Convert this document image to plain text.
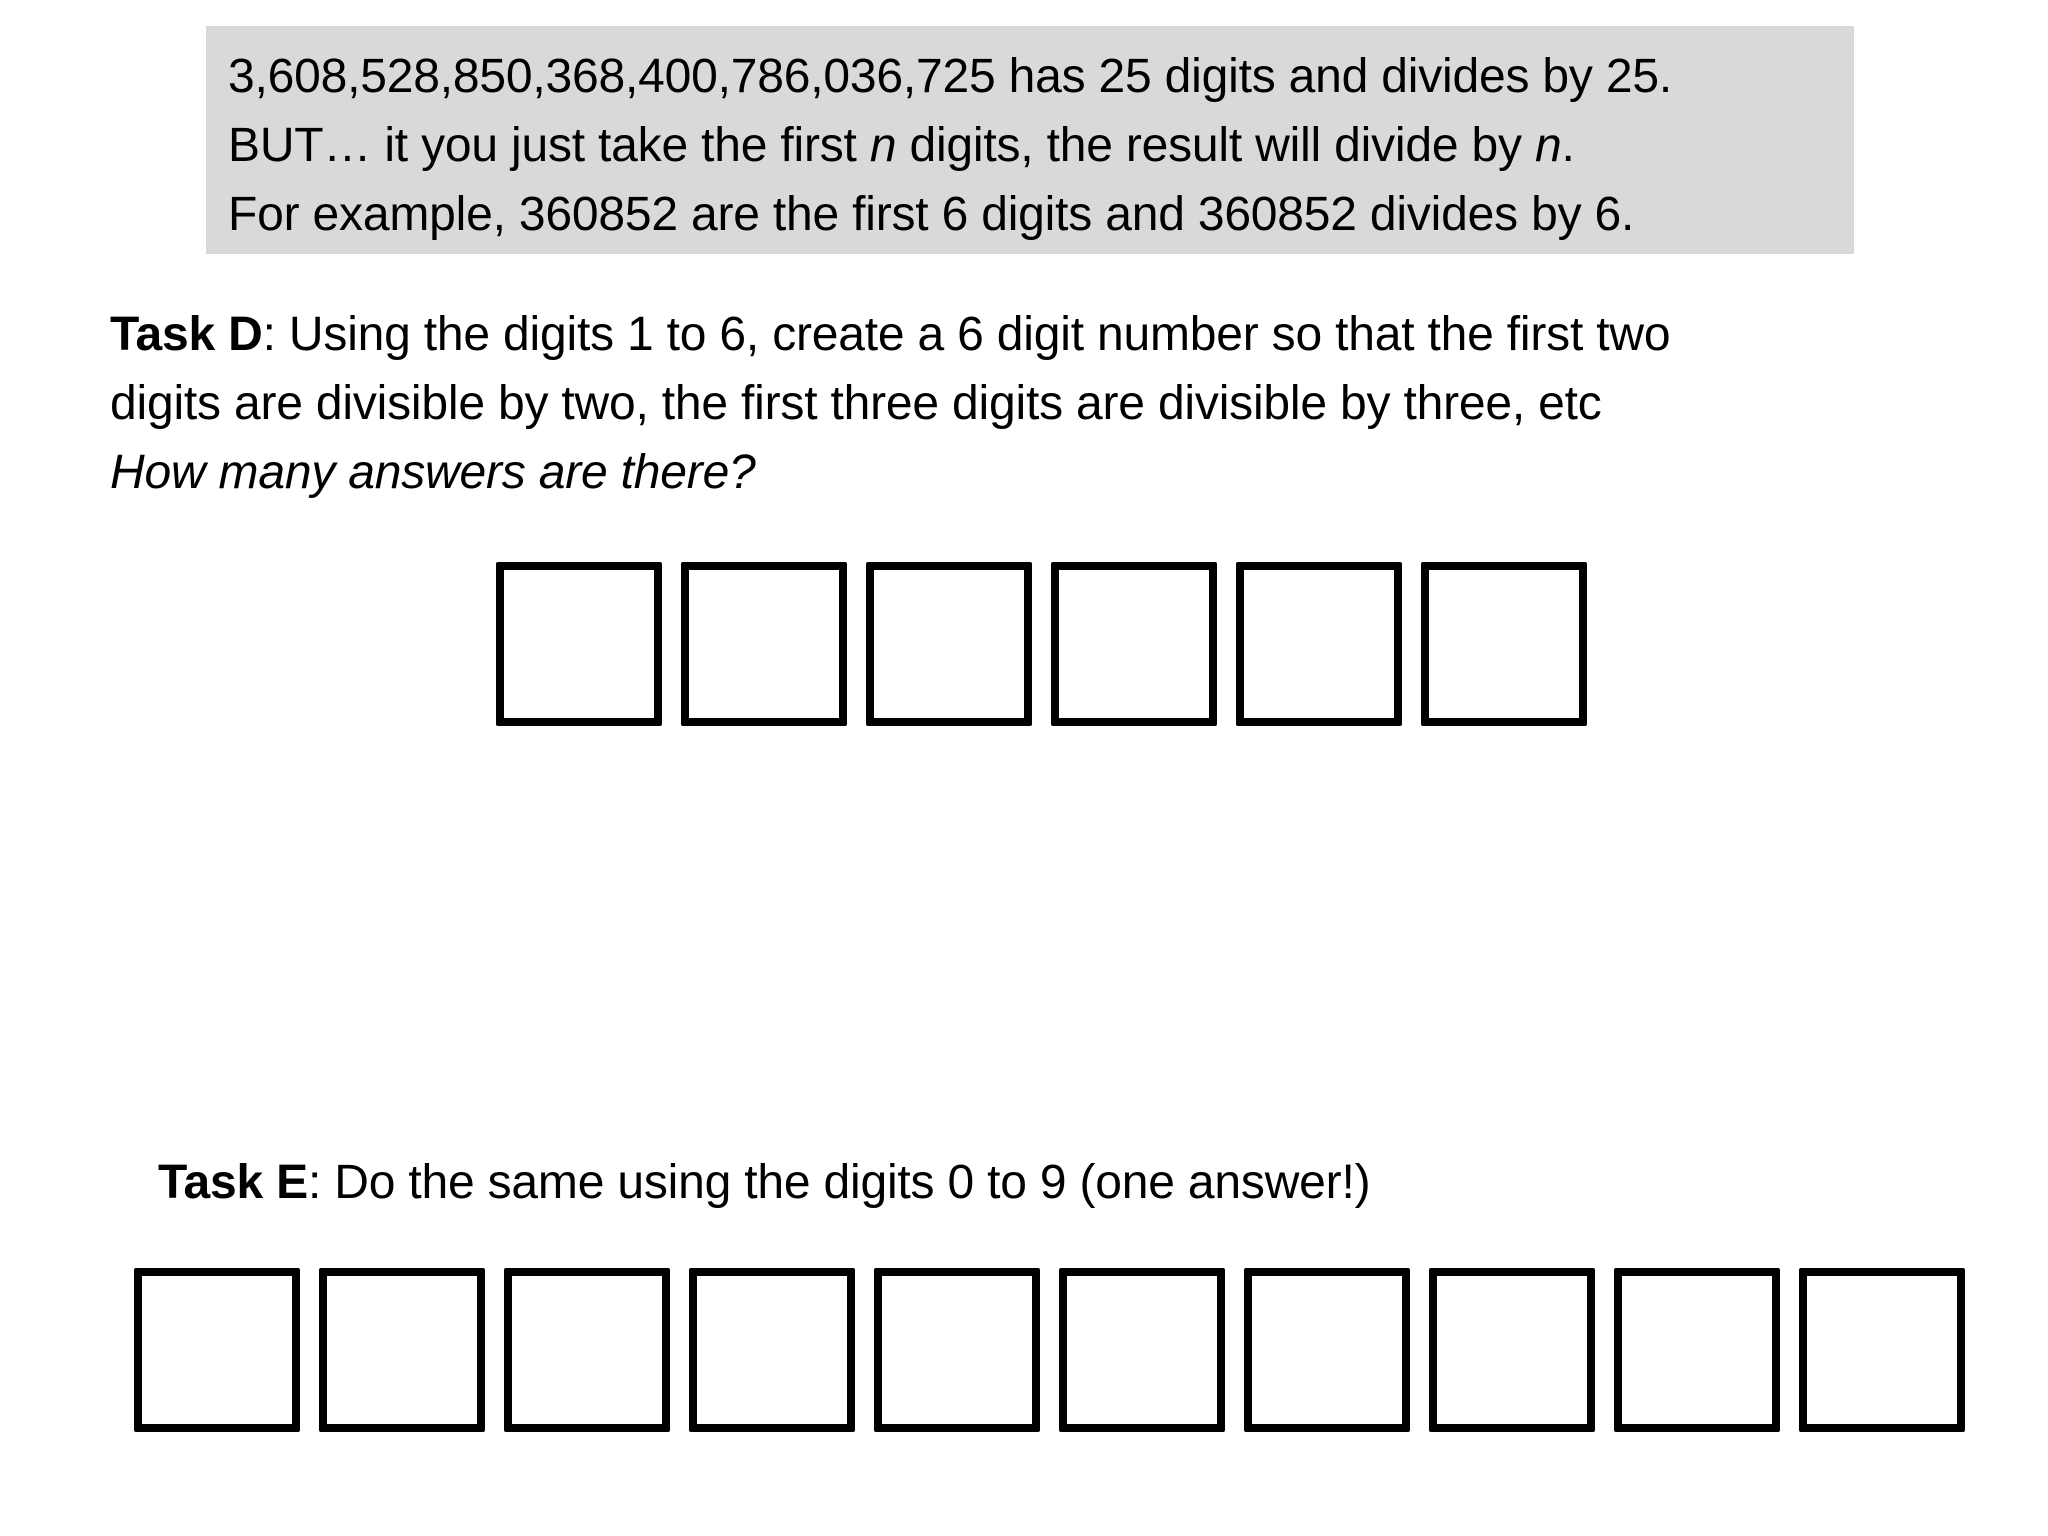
3,608,528,850,368,400,786,036,725 has 25 digits and divides by 25.
BUT… it you just take the first n digits, the result will divide by n.
For example, 360852 are the first 6 digits and 360852 divides by 6.
Task D: Using the digits 1 to 6, create a 6 digit number so that the first two
digits are divisible by two, the first three digits are divisible by three, etc
How many answers are there?
Task E: Do the same using the digits 0 to 9 (one answer!)
